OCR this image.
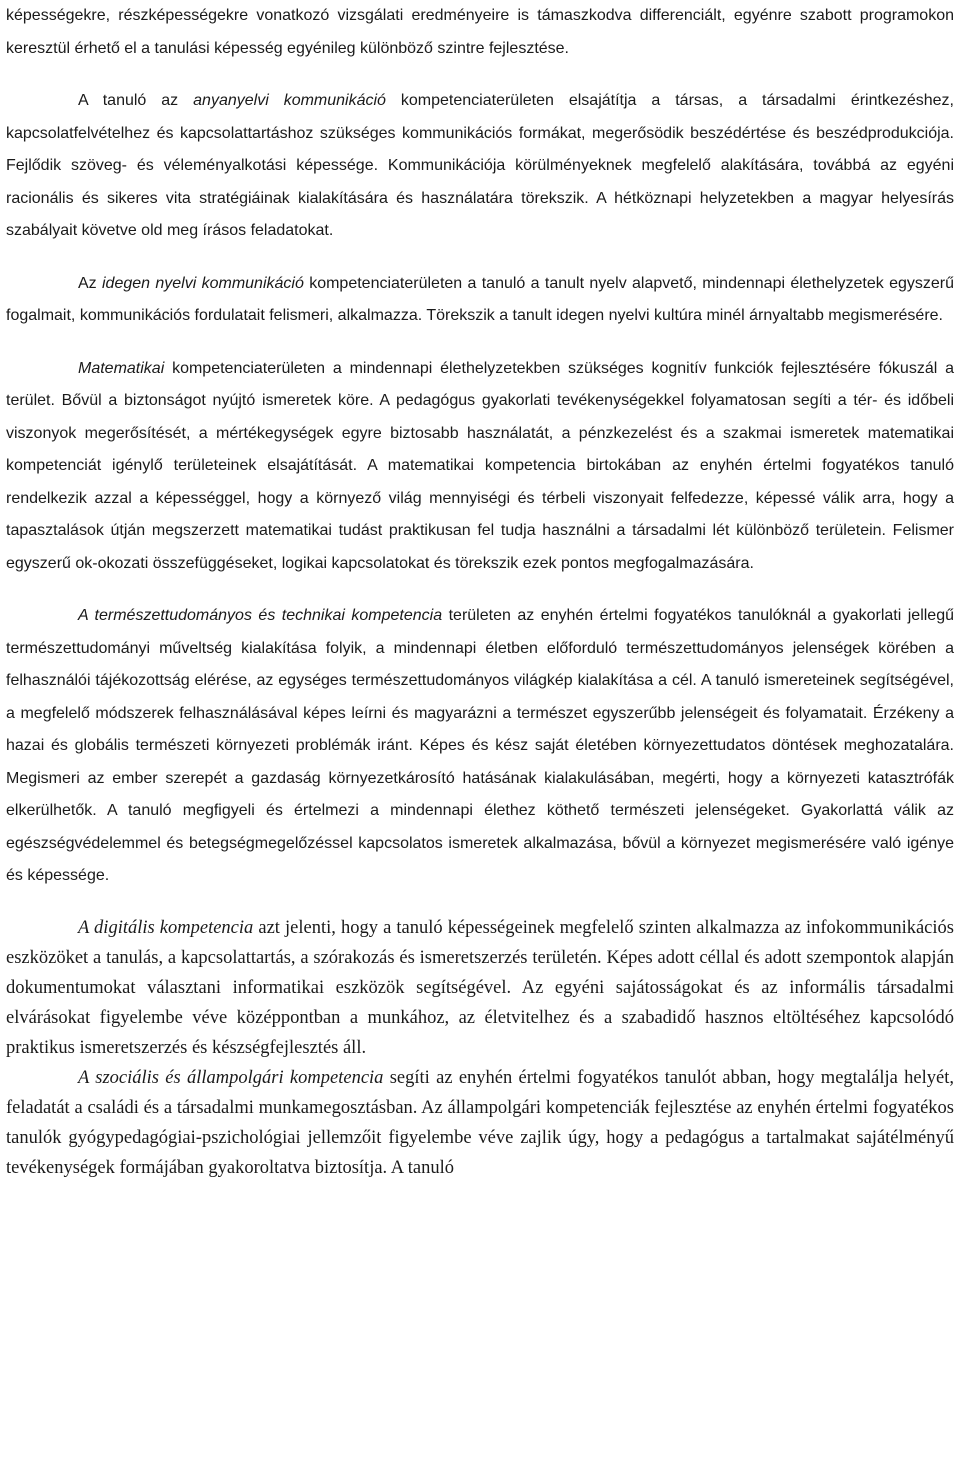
képességekre, részképességekre vonatkozó vizsgálati eredményeire is támaszkodva differenciált, egyénre szabott programokon keresztül érhető el a tanulási képesség egyénileg különböző szintre fejlesztése.

A tanuló az anyanyelvi kommunikáció kompetenciaterületen elsajátítja a társas, a társadalmi érintkezéshez, kapcsolatfelvételhez és kapcsolattartáshoz szükséges kommunikációs formákat, megerősödik beszédértése és beszédprodukciója. Fejlődik szöveg- és véleményalkotási képessége. Kommunikációja körülményeknek megfelelő alakítására, továbbá az egyéni racionális és sikeres vita stratégiáinak kialakítására és használatára törekszik. A hétköznapi helyzetekben a magyar helyesírás szabályait követve old meg írásos feladatokat.

Az idegen nyelvi kommunikáció kompetenciaterületen a tanuló a tanult nyelv alapvető, mindennapi élethelyzetek egyszerű fogalmait, kommunikációs fordulatait felismeri, alkalmazza. Törekszik a tanult idegen nyelvi kultúra minél árnyaltabb megismerésére.

Matematikai kompetenciaterületen a mindennapi élethelyzetekben szükséges kognitív funkciók fejlesztésére fókuszál a terület. Bővül a biztonságot nyújtó ismeretek köre. A pedagógus gyakorlati tevékenységekkel folyamatosan segíti a tér- és időbeli viszonyok megerősítését, a mértékegységek egyre biztosabb használatát, a pénzkezelést és a szakmai ismeretek matematikai kompetenciát igénylő területeinek elsajátítását. A matematikai kompetencia birtokában az enyhén értelmi fogyatékos tanuló rendelkezik azzal a képességgel, hogy a környező világ mennyiségi és térbeli viszonyait felfedezze, képessé válik arra, hogy a tapasztalások útján megszerzett matematikai tudást praktikusan fel tudja használni a társadalmi lét különböző területein. Felismer egyszerű ok-okozati összefüggéseket, logikai kapcsolatokat és törekszik ezek pontos megfogalmazására.

A természettudományos és technikai kompetencia területen az enyhén értelmi fogyatékos tanulóknál a gyakorlati jellegű természettudományi műveltség kialakítása folyik, a mindennapi életben előforduló természettudományos jelenségek körében a felhasználói tájékozottság elérése, az egységes természettudományos világkép kialakítása a cél. A tanuló ismereteinek segítségével, a megfelelő módszerek felhasználásával képes leírni és magyarázni a természet egyszerűbb jelenségeit és folyamatait. Érzékeny a hazai és globális természeti környezeti problémák iránt. Képes és kész saját életében környezettudatos döntések meghozatalára. Megismeri az ember szerepét a gazdaság környezetkárosító hatásának kialakulásában, megérti, hogy a környezeti katasztrófák elkerülhetők. A tanuló megfigyeli és értelmezi a mindennapi élethez köthető természeti jelenségeket. Gyakorlattá válik az egészségvédelemmel és betegségmegelőzéssel kapcsolatos ismeretek alkalmazása, bővül a környezet megismerésére való igénye és képessége.

A digitális kompetencia azt jelenti, hogy a tanuló képességeinek megfelelő szinten alkalmazza az infokommunikációs eszközöket a tanulás, a kapcsolattartás, a szórakozás és ismeretszerzés területén. Képes adott céllal és adott szempontok alapján dokumentumokat választani informatikai eszközök segítségével. Az egyéni sajátosságokat és az informális társadalmi elvárásokat figyelembe véve középpontban a munkához, az életvitelhez és a szabadidő hasznos eltöltéséhez kapcsolódó praktikus ismeretszerzés és készségfejlesztés áll.

A szociális és állampolgári kompetencia segíti az enyhén értelmi fogyatékos tanulót abban, hogy megtalálja helyét, feladatát a családi és a társadalmi munkamegosztásban. Az állampolgári kompetenciák fejlesztése az enyhén értelmi fogyatékos tanulók gyógypedagógiai-pszichológiai jellemzőit figyelembe véve zajlik úgy, hogy a pedagógus a tartalmakat sajátélményű tevékenységek formájában gyakoroltatva biztosítja. A tanuló
